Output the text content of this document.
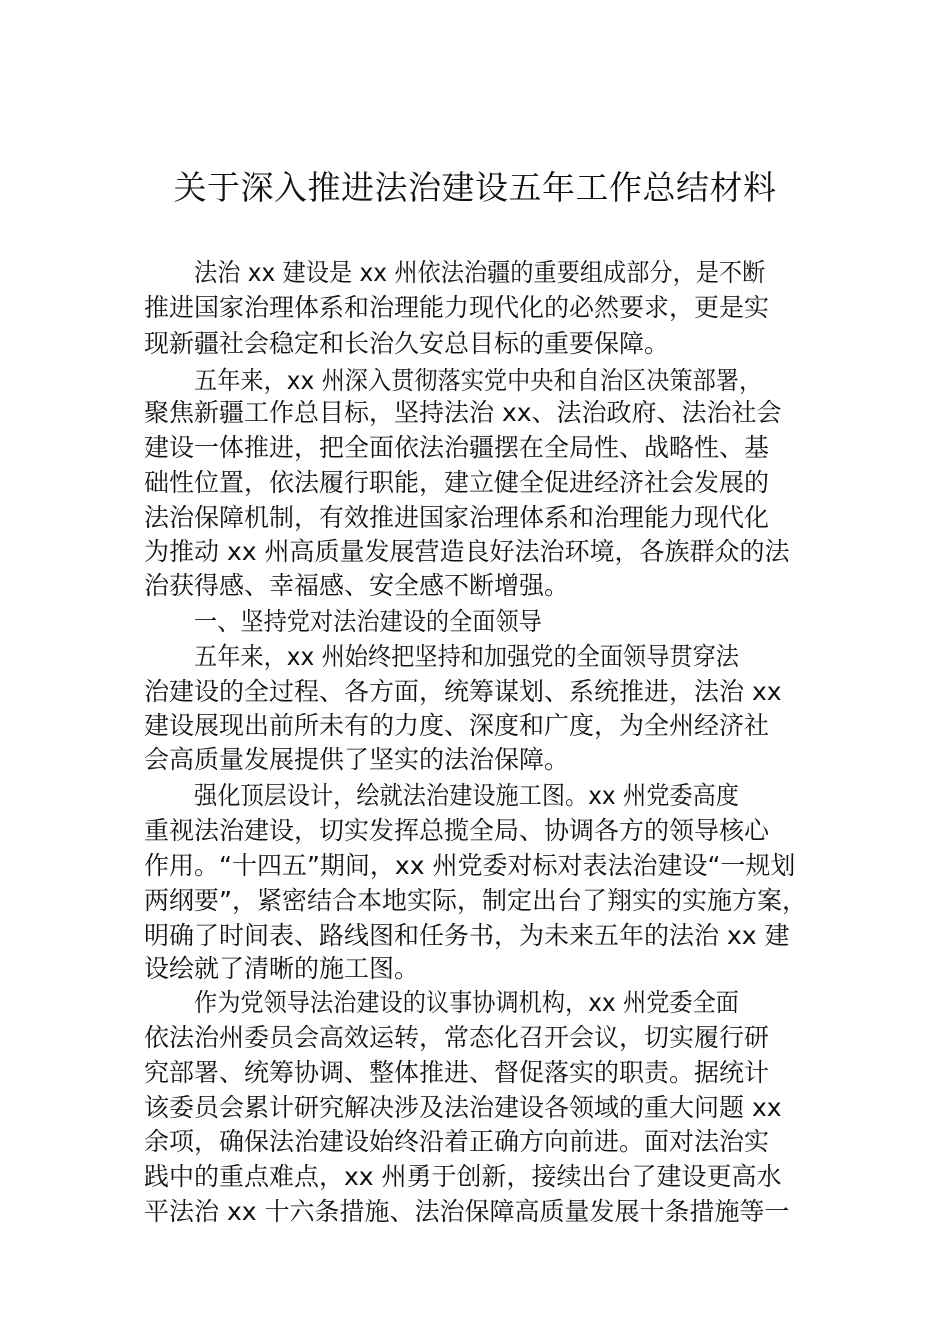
关于深入推进法治建设五年工作总结材料
法治 xx 建设是 xx 州依法治疆的重要组成部分，是不断
推进国家治理体系和治理能力现代化的必然要求，更是实
现新疆社会稳定和长治久安总目标的重要保障。
五年来，xx 州深入贯彻落实党中央和自治区决策部署，
聚焦新疆工作总目标，坚持法治 xx、法治政府、法治社会
建设一体推进，把全面依法治疆摆在全局性、战略性、基
础性位置，依法履行职能，建立健全促进经济社会发展的
法治保障机制，有效推进国家治理体系和治理能力现代化
为推动 xx 州高质量发展营造良好法治环境，各族群众的法
治获得感、幸福感、安全感不断增强。
一、坚持党对法治建设的全面领导
五年来，xx 州始终把坚持和加强党的全面领导贯穿法
治建设的全过程、各方面，统筹谋划、系统推进，法治 xx
建设展现出前所未有的力度、深度和广度，为全州经济社
会高质量发展提供了坚实的法治保障。
强化顶层设计，绘就法治建设施工图。xx 州党委高度
重视法治建设，切实发挥总揽全局、协调各方的领导核心
作用。“十四五”期间，xx 州党委对标对表法治建设“一规划
两纲要”，紧密结合本地实际，制定出台了翔实的实施方案，
明确了时间表、路线图和任务书，为未来五年的法治 xx 建
设绘就了清晰的施工图。
作为党领导法治建设的议事协调机构，xx 州党委全面
依法治州委员会高效运转，常态化召开会议，切实履行研
究部署、统筹协调、整体推进、督促落实的职责。据统计
该委员会累计研究解决涉及法治建设各领域的重大问题 xx
余项，确保法治建设始终沿着正确方向前进。面对法治实
践中的重点难点，xx 州勇于创新，接续出台了建设更高水
平法治 xx 十六条措施、法治保障高质量发展十条措施等一
